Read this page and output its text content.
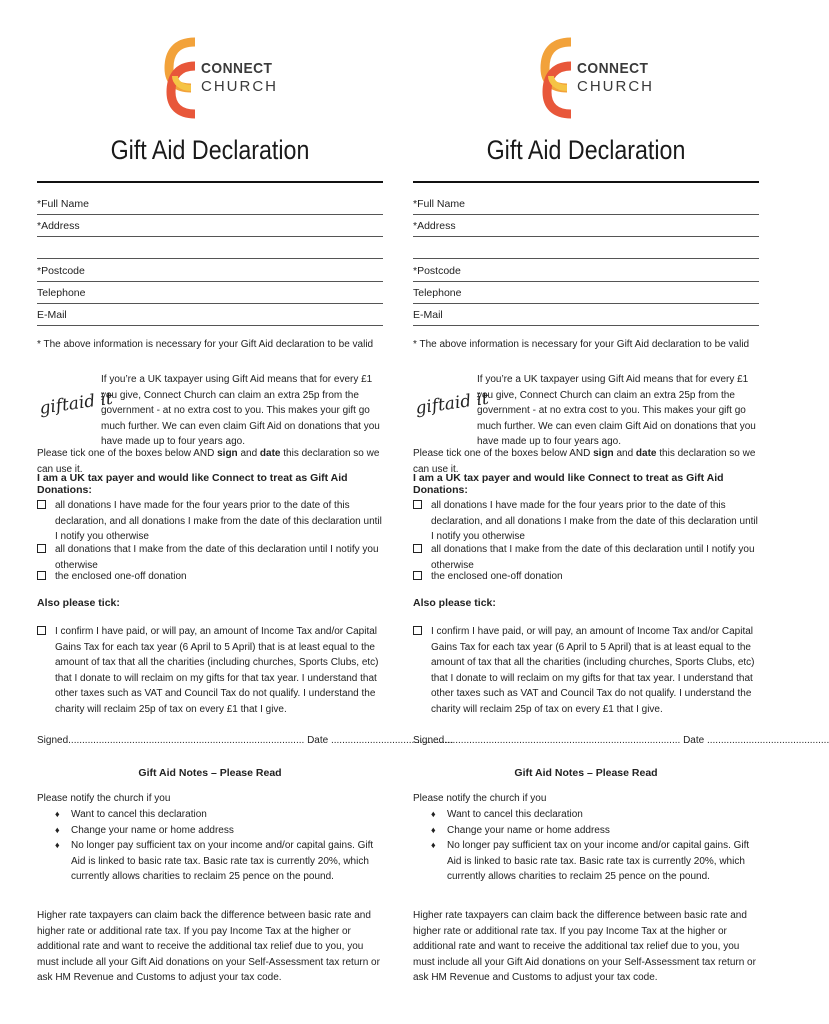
CONNECT
CHURCH
Gift Aid Declaration
*Full Name
*Address
*Postcode
Telephone
E-Mail
* The above information is necessary for your Gift Aid declaration to be valid
giftaid it
If you’re a UK taxpayer using Gift Aid means that for every £1 you give, Connect Church can claim an extra 25p from the government - at no extra cost to you. This makes your gift go much further. We can even claim Gift Aid on donations that you have made up to four years ago.
Please tick one of the boxes below AND sign and date this declaration so we can use it.
I am a UK tax payer and would like Connect to treat as Gift Aid Donations:
all donations I have made for the four years prior to the date of this declaration, and all donations I make from the date of this declaration until I notify you otherwise
all donations that I make from the date of this declaration until I notify you otherwise
the enclosed one-off donation
Also please tick:
I confirm I have paid, or will pay, an amount of Income Tax and/or Capital Gains Tax for each tax year (6 April to 5 April) that is at least equal to the amount of tax that all the charities (including churches, Sports Clubs, etc) that I donate to will reclaim on my gifts for that tax year. I understand that other taxes such as VAT and Council Tax do not qualify. I understand the charity will reclaim 25p of tax on every £1 that I give.
Signed..................................................................................... Date ............................................
Gift Aid Notes – Please Read
Please notify the church if you
♦ Want to cancel this declaration
♦ Change your name or home address
♦ No longer pay sufficient tax on your income and/or capital gains. Gift Aid is linked to basic rate tax. Basic rate tax is currently 20%, which currently allows charities to reclaim 25 pence on the pound.
Higher rate taxpayers can claim back the difference between basic rate and higher rate or additional rate tax. If you pay Income Tax at the higher or additional rate and want to receive the additional tax relief due to you, you must include all your Gift Aid donations on your Self-Assessment tax return or ask HM Revenue and Customs to adjust your tax code.
CONNECT
CHURCH
Gift Aid Declaration
*Full Name
*Address
*Postcode
Telephone
E-Mail
* The above information is necessary for your Gift Aid declaration to be valid
giftaid it
If you’re a UK taxpayer using Gift Aid means that for every £1 you give, Connect Church can claim an extra 25p from the government - at no extra cost to you. This makes your gift go much further. We can even claim Gift Aid on donations that you have made up to four years ago.
Please tick one of the boxes below AND sign and date this declaration so we can use it.
I am a UK tax payer and would like Connect to treat as Gift Aid Donations:
all donations I have made for the four years prior to the date of this declaration, and all donations I make from the date of this declaration until I notify you otherwise
all donations that I make from the date of this declaration until I notify you otherwise
the enclosed one-off donation
Also please tick:
I confirm I have paid, or will pay, an amount of Income Tax and/or Capital Gains Tax for each tax year (6 April to 5 April) that is at least equal to the amount of tax that all the charities (including churches, Sports Clubs, etc) that I donate to will reclaim on my gifts for that tax year. I understand that other taxes such as VAT and Council Tax do not qualify. I understand the charity will reclaim 25p of tax on every £1 that I give.
Signed..................................................................................... Date ............................................
Gift Aid Notes – Please Read
Please notify the church if you
♦ Want to cancel this declaration
♦ Change your name or home address
♦ No longer pay sufficient tax on your income and/or capital gains. Gift Aid is linked to basic rate tax. Basic rate tax is currently 20%, which currently allows charities to reclaim 25 pence on the pound.
Higher rate taxpayers can claim back the difference between basic rate and higher rate or additional rate tax. If you pay Income Tax at the higher or additional rate and want to receive the additional tax relief due to you, you must include all your Gift Aid donations on your Self-Assessment tax return or ask HM Revenue and Customs to adjust your tax code.
